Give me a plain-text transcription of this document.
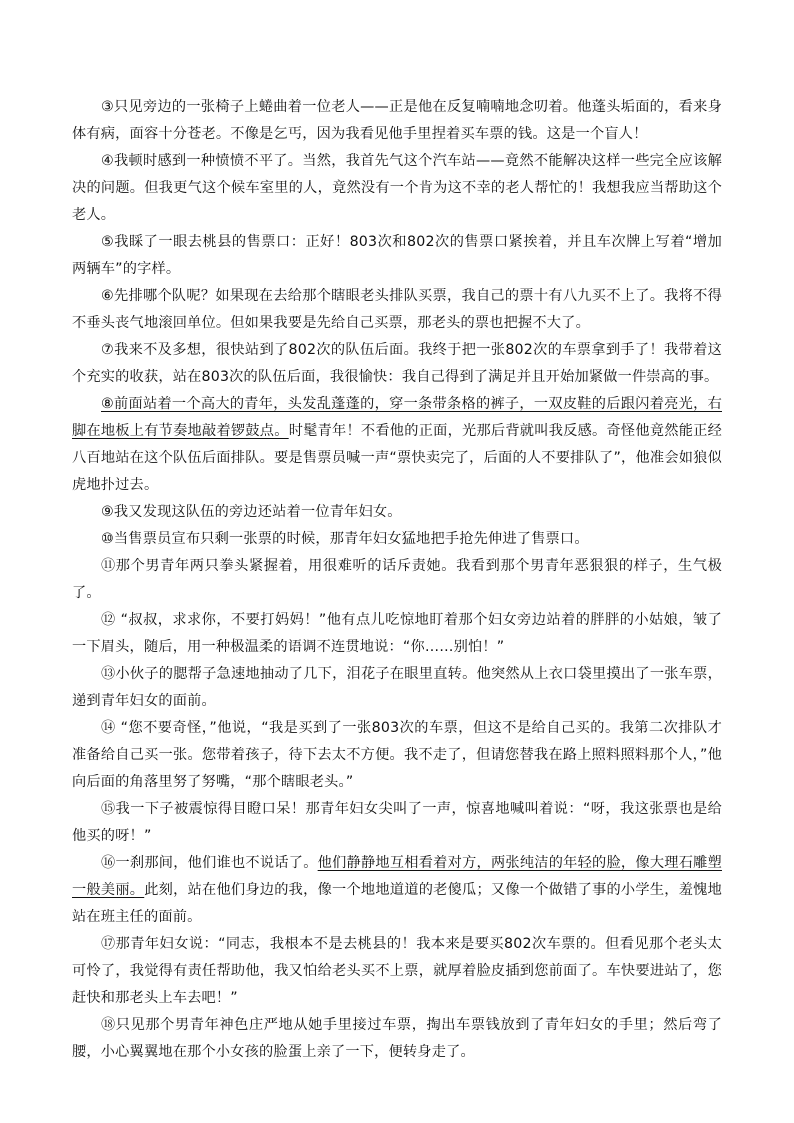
③只见旁边的一张椅子上蜷曲着一位老人——正是他在反复喃喃地念叨着。他蓬头垢面的，看来身体有病，面容十分苍老。不像是乞丐，因为我看见他手里捏着买车票的钱。这是一个盲人！

④我顿时感到一种愤愤不平了。当然，我首先气这个汽车站——竟然不能解决这样一些完全应该解决的问题。但我更气这个候车室里的人，竟然没有一个肯为这不幸的老人帮忙的！我想我应当帮助这个老人。

⑤我睬了一眼去桃县的售票口：正好！803次和802次的售票口紧挨着，并且车次牌上写着“增加两辆车”的字样。

⑥先排哪个队呢？如果现在去给那个瞎眼老头排队买票，我自己的票十有八九买不上了。我将不得不垂头丧气地滚回单位。但如果我要是先给自己买票，那老头的票也把握不大了。

⑦我来不及多想，很快站到了802次的队伍后面。我终于把一张802次的车票拿到手了！我带着这个充实的收获，站在803次的队伍后面，我很愉快：我自己得到了满足并且开始加紧做一件崇高的事。

⑧前面站着一个高大的青年，头发乱蓬蓬的，穿一条带条格的裤子，一双皮鞋的后跟闪着亮光，右脚在地板上有节奏地敲着锣鼓点。时髦青年！不看他的正面，光那后背就叫我反感。奇怪他竟然能正经八百地站在这个队伍后面排队。要是售票员喊一声“票快卖完了，后面的人不要排队了”，他准会如狼似虎地扑过去。

⑨我又发现这队伍的旁边还站着一位青年妇女。

⑩当售票员宣布只剩一张票的时候，那青年妇女猛地把手抢先伸进了售票口。

⑪那个男青年两只拳头紧握着，用很难听的话斥责她。我看到那个男青年恶狠狠的样子，生气极了。

⑫ “叔叔，求求你，不要打妈妈！”他有点儿吃惊地盯着那个妇女旁边站着的胖胖的小姑娘，皱了一下眉头，随后，用一种极温柔的语调不连贯地说：“你……别怕！”

⑬小伙子的腮帮子急速地抽动了几下，泪花子在眼里直转。他突然从上衣口袋里摸出了一张车票，递到青年妇女的面前。

⑭ “您不要奇怪，”他说，“我是买到了一张803次的车票，但这不是给自己买的。我第二次排队才准备给自己买一张。您带着孩子，待下去太不方便。我不走了，但请您替我在路上照料照料那个人，”他向后面的角落里努了努嘴，“那个瞎眼老头。”

⑮我一下子被震惊得目瞪口呆！那青年妇女尖叫了一声，惊喜地喊叫着说：“呀，我这张票也是给他买的呀！”

⑯一刹那间，他们谁也不说话了。他们静静地互相看着对方，两张纯洁的年轻的脸，像大理石雕塑一般美丽。此刻，站在他们身边的我，像一个地地道道的老傻瓜；又像一个做错了事的小学生，羞愧地站在班主任的面前。

⑰那青年妇女说：“同志，我根本不是去桃县的！我本来是要买802次车票的。但看见那个老头太可怜了，我觉得有责任帮助他，我又怕给老头买不上票，就厚着脸皮插到您前面了。车快要进站了，您赶快和那老头上车去吧！”

⑱只见那个男青年神色庄严地从她手里接过车票，掏出车票钱放到了青年妇女的手里；然后弯了腰，小心翼翼地在那个小女孩的脸蛋上亲了一下，便转身走了。
